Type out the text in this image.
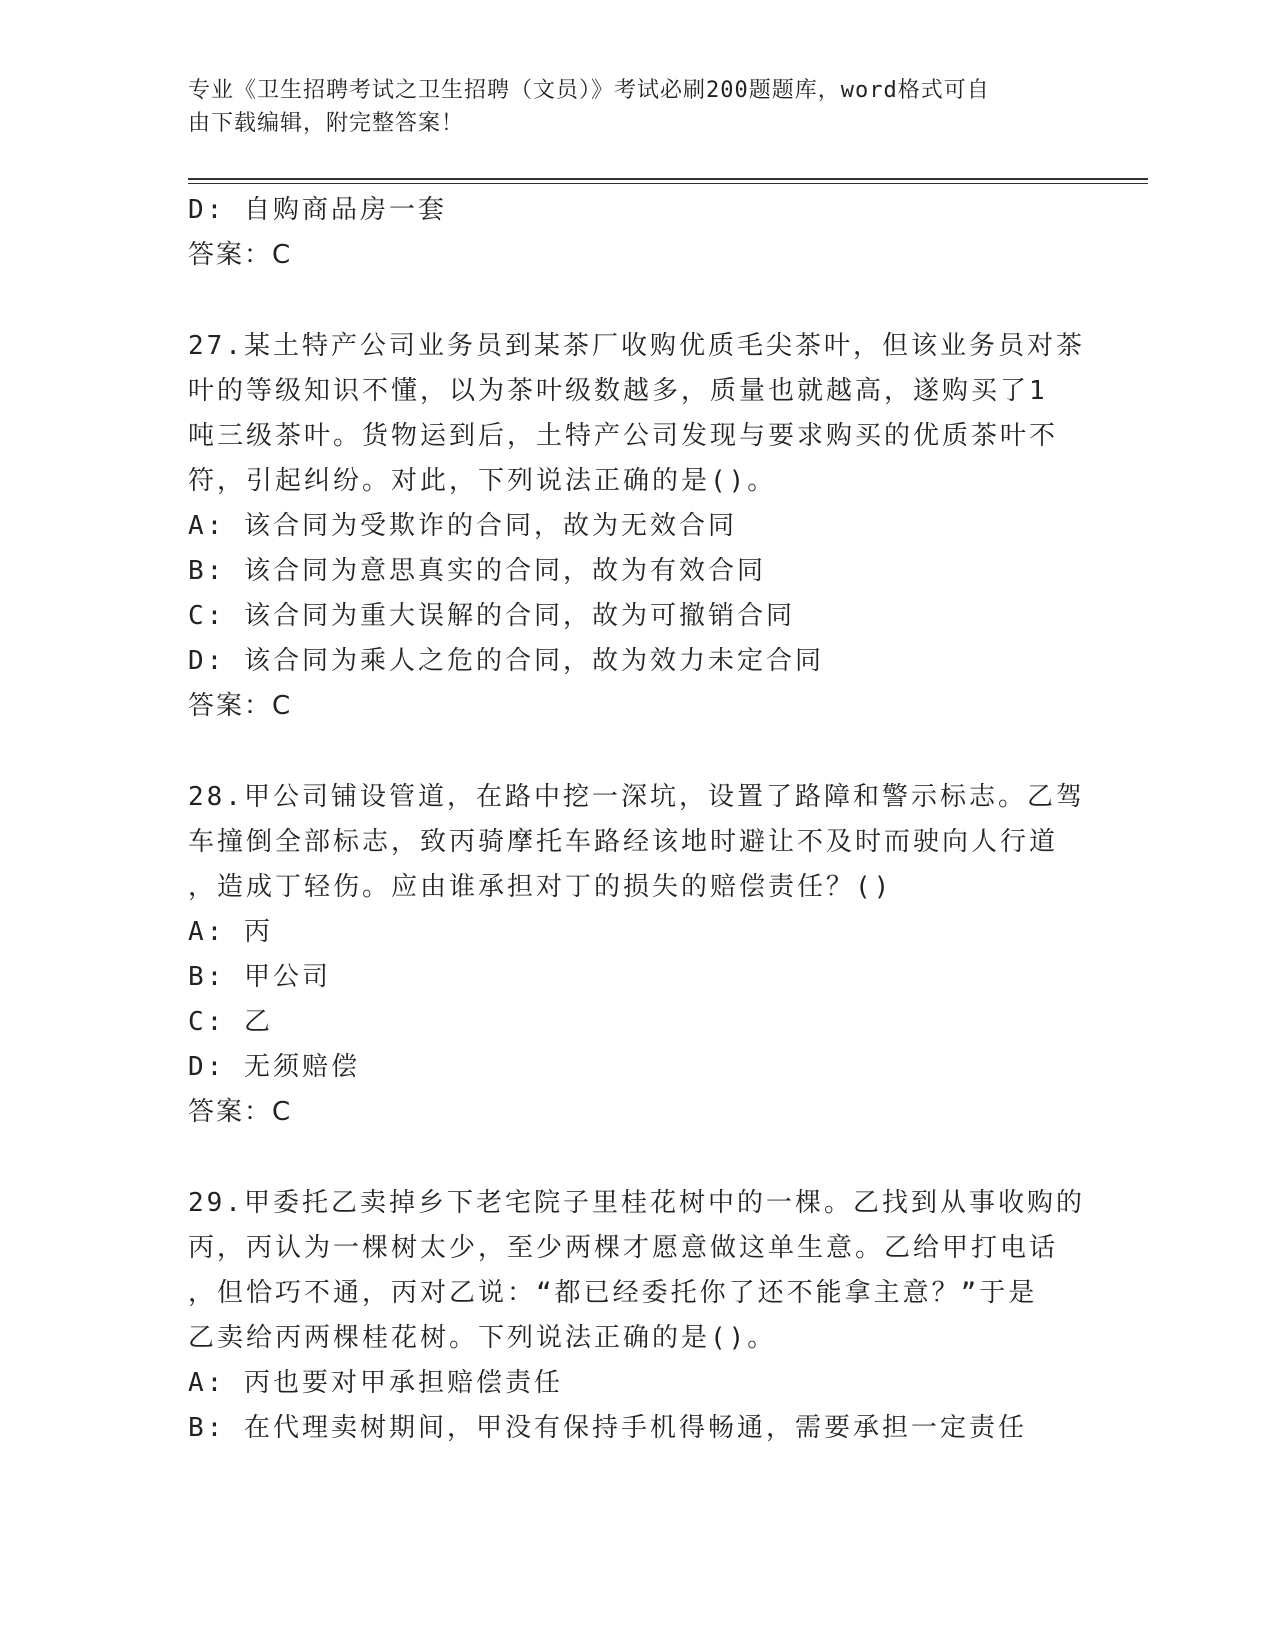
专业《卫生招聘考试之卫生招聘（文员）》考试必刷200题题库，word格式可自
由下载编辑，附完整答案！
D: 自购商品房一套
答案：C
27.某土特产公司业务员到某茶厂收购优质毛尖茶叶，但该业务员对茶
叶的等级知识不懂，以为茶叶级数越多，质量也就越高，遂购买了1
吨三级茶叶。货物运到后，土特产公司发现与要求购买的优质茶叶不
符，引起纠纷。对此，下列说法正确的是()。
A: 该合同为受欺诈的合同，故为无效合同
B: 该合同为意思真实的合同，故为有效合同
C: 该合同为重大误解的合同，故为可撤销合同
D: 该合同为乘人之危的合同，故为效力未定合同
答案：C
28.甲公司铺设管道，在路中挖一深坑，设置了路障和警示标志。乙驾
车撞倒全部标志，致丙骑摩托车路经该地时避让不及时而驶向人行道
，造成丁轻伤。应由谁承担对丁的损失的赔偿责任？()
A: 丙
B: 甲公司
C: 乙
D: 无须赔偿
答案：C
29.甲委托乙卖掉乡下老宅院子里桂花树中的一棵。乙找到从事收购的
丙，丙认为一棵树太少，至少两棵才愿意做这单生意。乙给甲打电话
，但恰巧不通，丙对乙说：“都已经委托你了还不能拿主意？”于是
乙卖给丙两棵桂花树。下列说法正确的是()。
A: 丙也要对甲承担赔偿责任
B: 在代理卖树期间，甲没有保持手机得畅通，需要承担一定责任
